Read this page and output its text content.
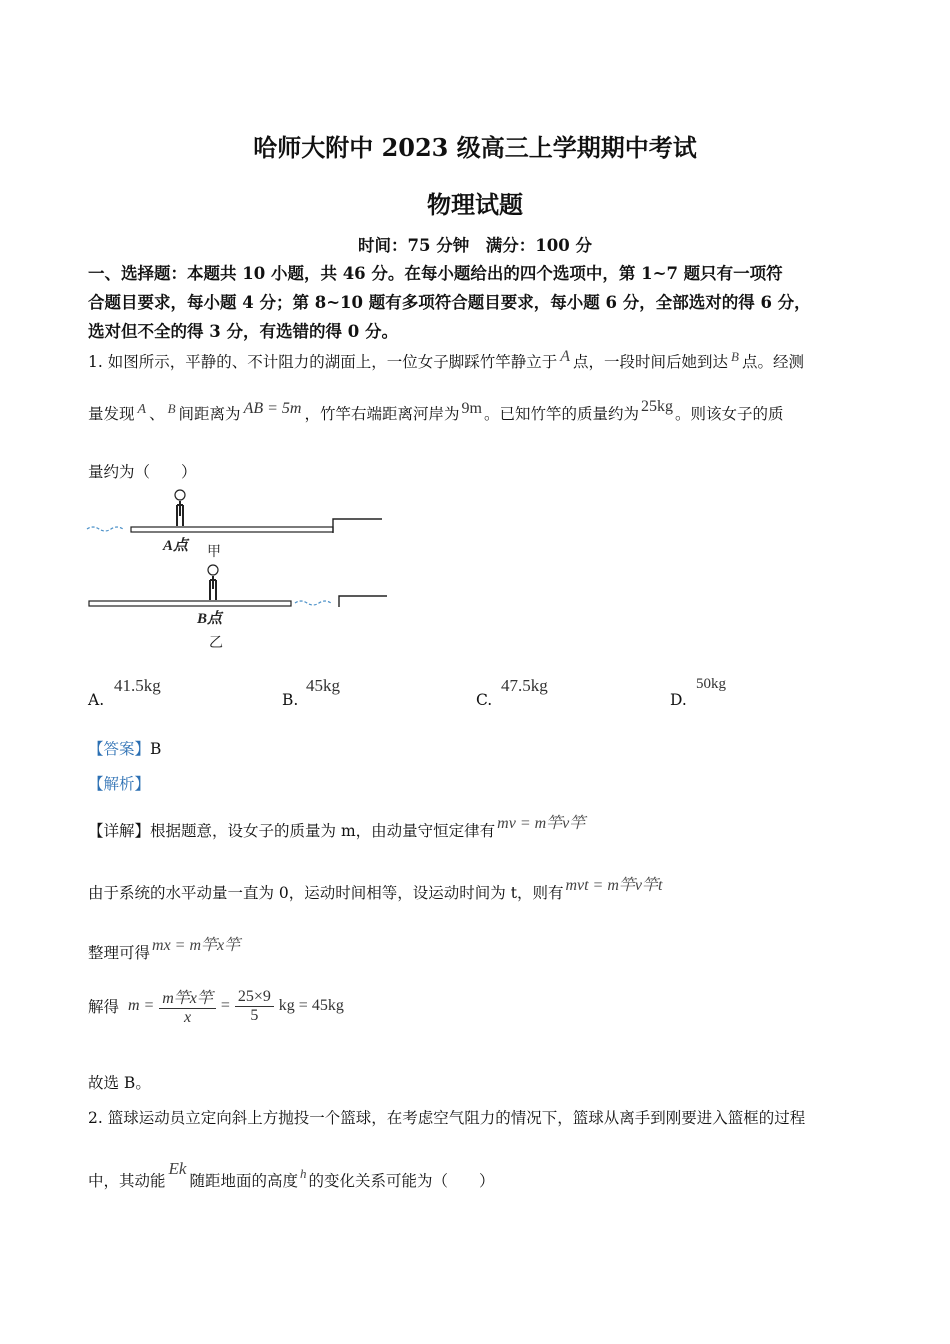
哈师大附中 2023 级高三上学期期中考试
物理试题
时间：75 分钟　满分：100 分
一、选择题：本题共 10 小题，共 46 分。在每小题给出的四个选项中，第 1~7 题只有一项符
合题目要求，每小题 4 分；第 8~10 题有多项符合题目要求，每小题 6 分，全部选对的得 6 分，
选对但不全的得 3 分，有选错的得 0 分。
1. 如图所示，平静的、不计阻力的湖面上，一位女子脚踩竹竿静立于 A 点，一段时间后她到达 $^B$ 点。经测
量发现 A 、 $^B$ 间距离为 AB = 5m ，竹竿右端距离河岸为 9m 。已知竹竿的质量约为 25kg 。则该女子的质
量约为（　　）
A点 甲
B点
乙
41.5kg
A.
45kg
B.
47.5kg
C.
50kg
D.
【答案】B
【解析】
【详解】根据题意，设女子的质量为 m，由动量守恒定律有 mv = m竿v竿
由于系统的水平动量一直为 0，运动时间相等，设运动时间为 t，则有 mvt = m竿v竿t
整理可得 mx = m竿x竿
解得 $m = \frac{\text{m竿x竿}}{x} = \frac{25\times 9}{5}$ kg = 45kg
故选 B。
2. 篮球运动员立定向斜上方抛投一个篮球，在考虑空气阻力的情况下，篮球从离手到刚要进入篮框的过程
中，其动能Ek随距地面的高度 $^h$ 的变化关系可能为（　　）
